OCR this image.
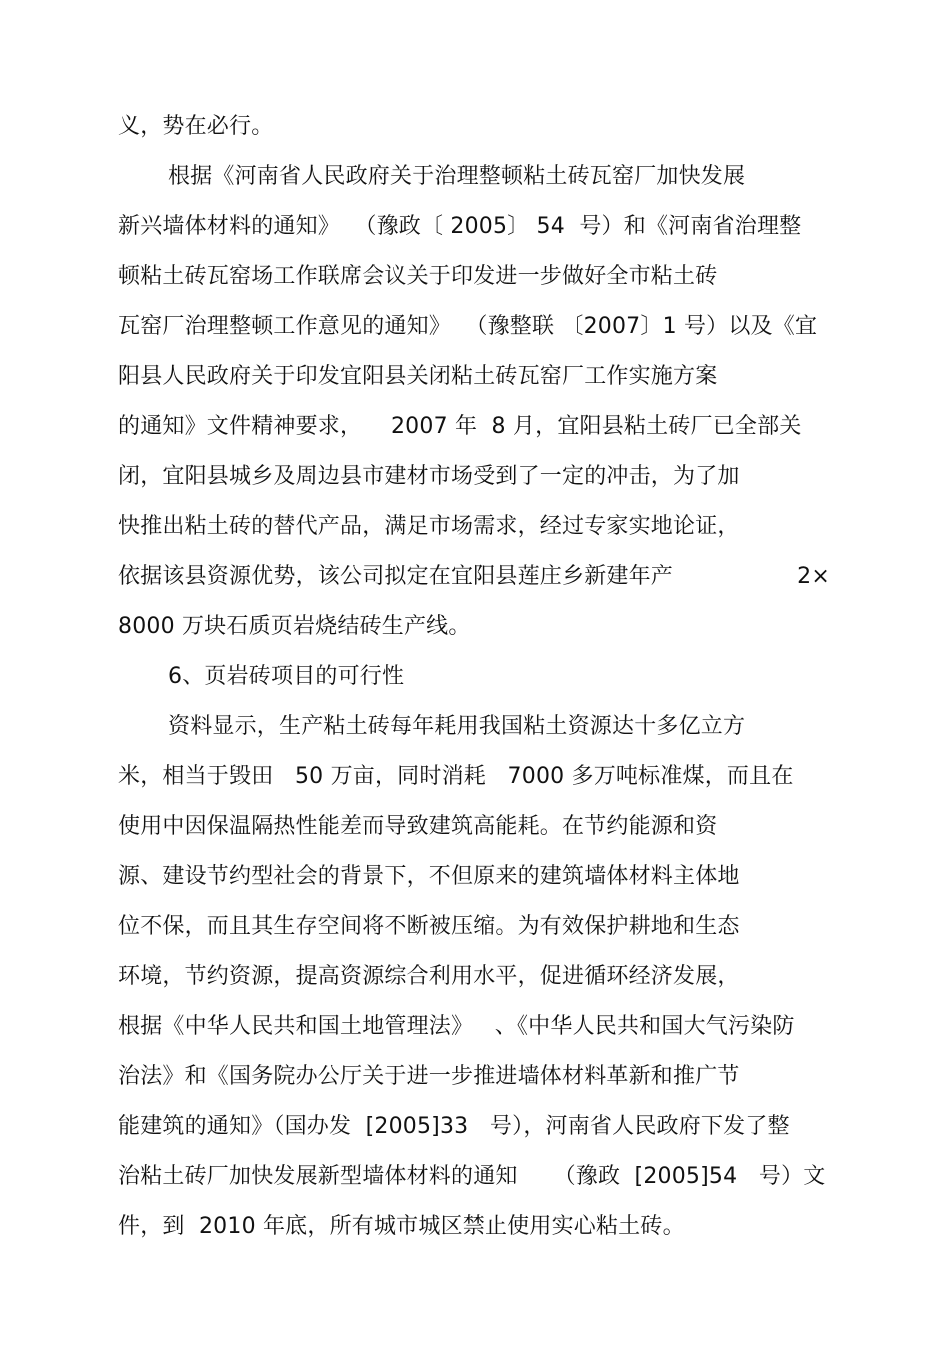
义，势在必行。
根据《河南省人民政府关于治理整顿粘土砖瓦窑厂加快发展
新兴墙体材料的通知》  （豫政〔 2005〕 54  号）和《河南省治理整
顿粘土砖瓦窑场工作联席会议关于印发进一步做好全市粘土砖
瓦窑厂治理整顿工作意见的通知》  （豫整联 〔2007〕1 号）以及《宜
阳县人民政府关于印发宜阳县关闭粘土砖瓦窑厂工作实施方案
的通知》文件精神要求，    2007 年  8 月，宜阳县粘土砖厂已全部关
闭，宜阳县城乡及周边县市建材市场受到了一定的冲击，为了加
快推出粘土砖的替代产品，满足市场需求，经过专家实地论证，
依据该县资源优势，该公司拟定在宜阳县莲庄乡新建年产	2×
8000 万块石质页岩烧结砖生产线。
6、页岩砖项目的可行性
资料显示，生产粘土砖每年耗用我国粘土资源达十多亿立方
米，相当于毁田   50 万亩，同时消耗   7000 多万吨标准煤，而且在
使用中因保温隔热性能差而导致建筑高能耗。在节约能源和资
源、建设节约型社会的背景下，不但原来的建筑墙体材料主体地
位不保，而且其生存空间将不断被压缩。为有效保护耕地和生态
环境，节约资源，提高资源综合利用水平，促进循环经济发展，
根据《中华人民共和国土地管理法》   、《中华人民共和国大气污染防
治法》和《国务院办公厅关于进一步推进墙体材料革新和推广节
能建筑的通知》（国办发  [2005]33   号），河南省人民政府下发了整
治粘土砖厂加快发展新型墙体材料的通知     （豫政  [2005]54   号）文
件，到  2010 年底，所有城市城区禁止使用实心粘土砖。
